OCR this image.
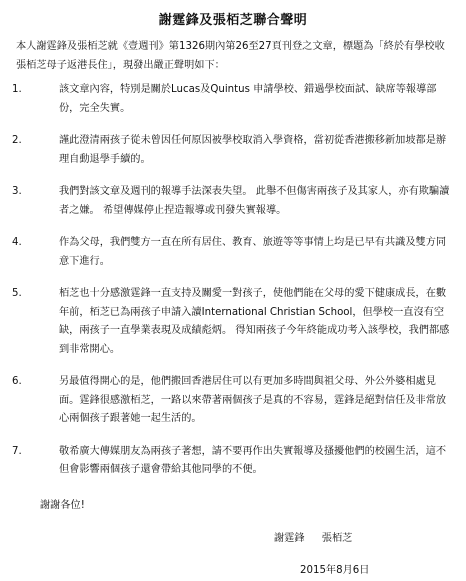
謝霆鋒及張栢芝聯合聲明
本人謝霆鋒及張栢芝就《壹週刊》第1326期內第26至27頁刊登之文章，標題為「終於有學校收 張栢芝母子返港長住」，現發出嚴正聲明如下：
1.	該文章內容，特別是關於Lucas及Quintus 申請學校、錯過學校面試、缺席等報導部份，完全失實。
2.	謹此澄清兩孩子從未曾因任何原因被學校取消入學資格，當初從香港搬移新加坡都是辦理自動退學手續的。
3.	我們對該文章及週刊的報導手法深表失望。 此舉不但傷害兩孩子及其家人，亦有欺騙讀者之嫌。 希望傳媒停止捏造報導或刊發失實報導。
4.	作為父母，我們雙方一直在所有居住、教育、旅遊等等事情上均是已早有共識及雙方同意下進行。
5.	栢芝也十分感激霆鋒一直支持及關愛一對孩子，使他們能在父母的愛下健康成長，在數年前，栢芝已為兩孩子申請入讀International Christian School，但學校一直沒有空缺，兩孩子一直學業表現及成績彪炳。 得知兩孩子今年終能成功考入該學校，我們都感到非常開心。
6.	另最值得開心的是，他們搬回香港居住可以有更加多時間與祖父母、外公外婆相處見面。霆鋒很感激栢芝，一路以來帶著兩個孩子是真的不容易，霆鋒是絕對信任及非常放心兩個孩子跟著她一起生活的。
7.	敬希廣大傳媒朋友為兩孩子著想，請不要再作出失實報導及搔擾他們的校園生活，這不但會影響兩個孩子還會帶給其他同學的不便。
謝謝各位!
謝霆鋒 張栢芝
2015年8月6日
